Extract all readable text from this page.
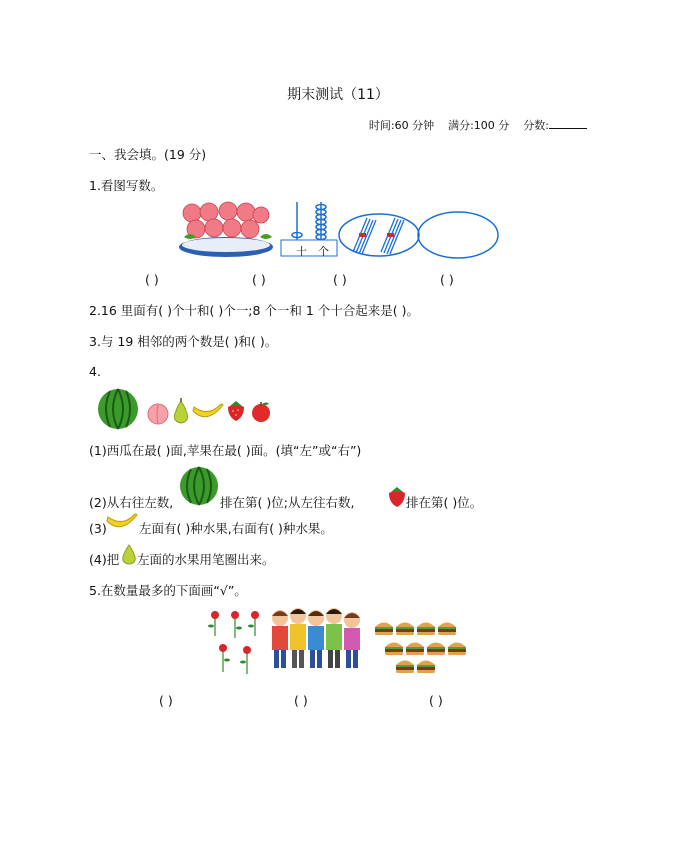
期末测试（11）
时间:60 分钟 满分:100 分 分数:
一、我会填。(19 分)
1.看图写数。
十 个
( )	( )	( )	( )
2.16 里面有( )个十和( )个一;8 个一和 1 个十合起来是( )。
3.与 19 相邻的两个数是( )和( )。
4.
(1)西瓜在最( )面,苹果在最( )面。(填“左”或“右”)
(2)从右往左数,	排在第( )位;从左往右数,	排在第( )位。
(3)	左面有( )种水果,右面有( )种水果。
(4)把 左面的水果用笔圈出来。
5.在数量最多的下面画“√”。
( )	( )	( )
